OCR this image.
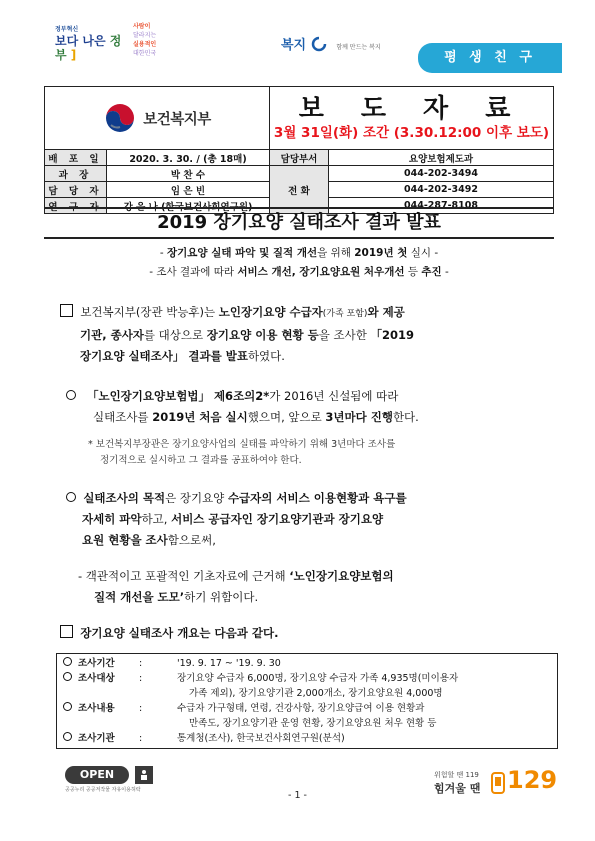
정부혁신
보다 나은 정부 ]
사람이
달라지는
실용적인
대한민국
복지	함께 만드는 복지
평 생 친 구
보건복지부		보 도 자 료
3월 31일(화) 조간 (3.30.12:00 이후 보도)	

배 포 일	2020. 3. 30. / (총 18매)	담당부서	요양보험제도과
과 장	박 찬 수	전 화	044-202-3494
담 당 자	임 은 빈		044-202-3492
연 구 자	강 은 나 (한국보건사회연구원)		044-287-8108
2019 장기요양 실태조사 결과 발표
- 장기요양 실태 파악 및 질적 개선을 위해 2019년 첫 실시 -
- 조사 결과에 따라 서비스 개선, 장기요양요원 처우개선 등 추진 -
보건복지부(장관 박능후)는 노인장기요양 수급자(가족 포함)와 제공
기관, 종사자를 대상으로 장기요양 이용 현황 등을 조사한 「2019
장기요양 실태조사」 결과를 발표하였다.
「노인장기요양보험법」 제6조의2*가 2016년 신설됨에 따라
실태조사를 2019년 처음 실시했으며, 앞으로 3년마다 진행한다.
* 보건복지부장관은 장기요양사업의 실태를 파악하기 위해 3년마다 조사를
정기적으로 실시하고 그 결과를 공표하여야 한다.
실태조사의 목적은 장기요양 수급자의 서비스 이용현황과 욕구를
자세히 파악하고, 서비스 공급자인 장기요양기관과 장기요양
요원 현황을 조사함으로써,
- 객관적이고 포괄적인 기초자료에 근거해 ‘노인장기요양보험의
질적 개선을 도모’하기 위함이다.
장기요양 실태조사 개요는 다음과 같다.
조사기간	:	'19. 9. 17 ~ '19. 9. 30
조사대상	:	장기요양 수급자 6,000명, 장기요양 수급자 가족 4,935명(미이용자
가족 제외), 장기요양기관 2,000개소, 장기요양요원 4,000명
조사내용	:	수급자 가구형태, 연령, 건강사항, 장기요양급여 이용 현황과
만족도, 장기요양기관 운영 현황, 장기요양요원 처우 현황 등
조사기관	:	통계청(조사), 한국보건사회연구원(분석)
OPEN
공공누리 공공저작물 자유이용허락	- 1 -
위험할 땐 119
힘겨울 땐 129
